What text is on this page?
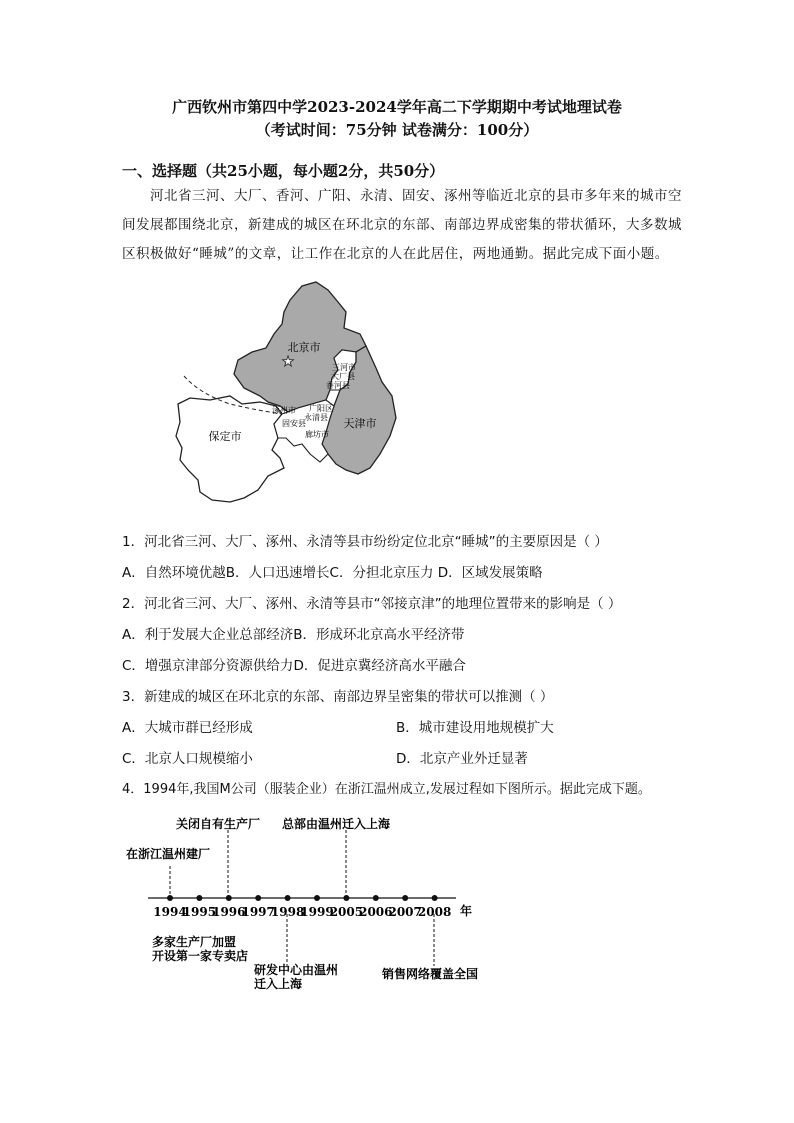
广西钦州市第四中学2023-2024学年高二下学期期中考试地理试卷
（考试时间：75分钟 试卷满分：100分）
一、选择题（共25小题，每小题2分，共50分）

河北省三河、大厂、香河、广阳、永清、固安、涿州等临近北京的县市多年来的城市空

间发展都围绕北京，新建成的城区在环北京的东部、南部边界成密集的带状循环，大多数城

区积极做好“睡城”的文章，让工作在北京的人在此居住，两地通勤。据此完成下面小题。

★
北京市
三河市
大厂县
香河县
天津市
保定市
涿州市 广阳区
永清县
固安县
廊坊市
1．河北省三河、大厂、涿州、永清等县市纷纷定位北京“睡城”的主要原因是（ ）
A．自然环境优越B．人口迅速增长C．分担北京压力 D．区域发展策略
2．河北省三河、大厂、涿州、永清等县市“邻接京津”的地理位置带来的影响是（ ）
A．利于发展大企业总部经济B．形成环北京高水平经济带
C．增强京津部分资源供给力D．促进京冀经济高水平融合
3．新建成的城区在环北京的东部、南部边界呈密集的带状可以推测（ ）
A．大城市群已经形成	B．城市建设用地规模扩大
C．北京人口规模缩小	D．北京产业外迁显著
4．1994年,我国M公司（服装企业）在浙江温州成立,发展过程如下图所示。据此完成下题。
1994
1995
1996
1997
1998
1999
2005
2006
2007
2008 年
在浙江温州建厂
关闭自有生产厂 总部由温州迁入上海
多家生产厂加盟
开设第一家专卖店
研发中心由温州
迁入上海
销售网络覆盖全国
